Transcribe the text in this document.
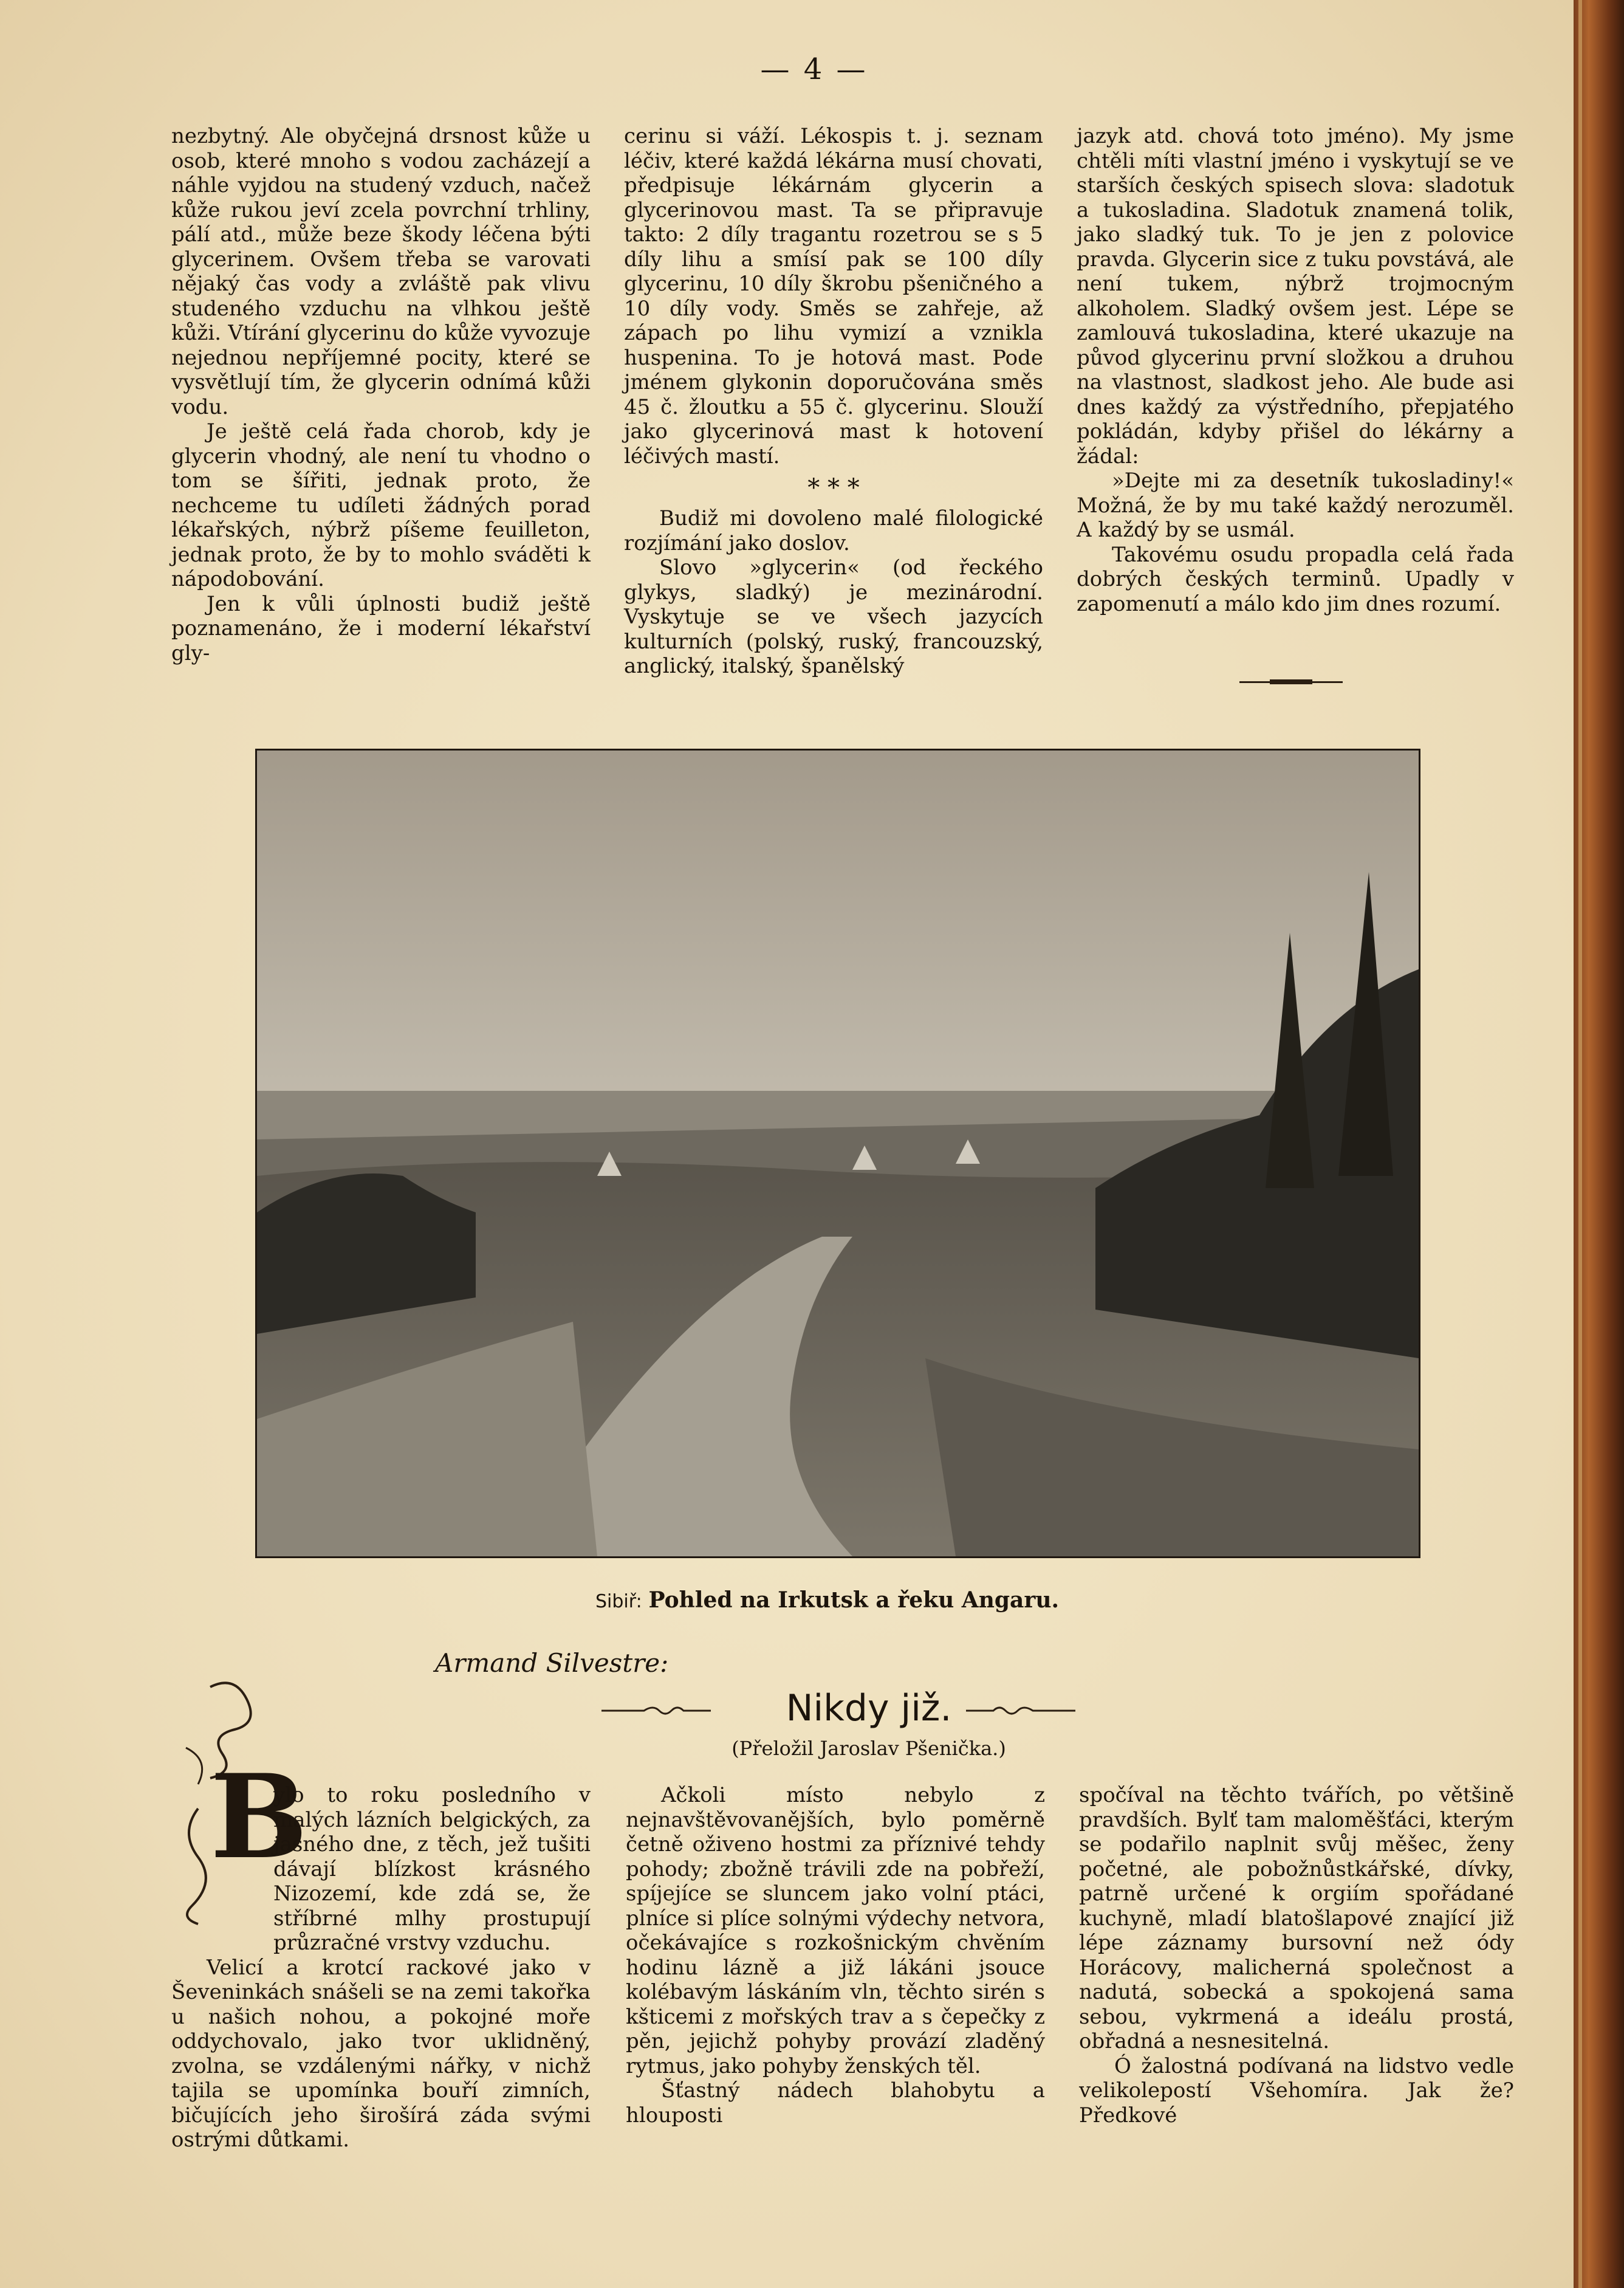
— 4 —

nezbytný. Ale obyčejná drsnost kůže u osob, které mnoho s vodou zacházejí a náhle vyjdou na studený vzduch, načež kůže rukou jeví zcela povrchní trhliny, pálí atd., může beze škody léčena býti glycerinem. Ovšem třeba se varovati nějaký čas vody a zvláště pak vlivu studeného vzduchu na vlhkou ještě kůži. Vtírání glycerinu do kůže vyvozuje nejednou nepříjemné pocity, které se vysvětlují tím, že glycerin odnímá kůži vodu.

Je ještě celá řada chorob, kdy je glycerin vhodný, ale není tu vhodno o tom se šířiti, jednak proto, že nechceme tu udíleti žádných porad lékařských, nýbrž píšeme feuilleton, jednak proto, že by to mohlo sváděti k nápodobování.

Jen k vůli úplnosti budiž ještě poznamenáno, že i moderní lékařství gly-

cerinu si váží. Lékospis t. j. seznam léčiv, které každá lékárna musí chovati, předpisuje lékárnám glycerin a glycerinovou mast. Ta se připravuje takto: 2 díly tragantu rozetrou se s 5 díly lihu a smísí pak se 100 díly glycerinu, 10 díly škrobu pšeničného a 10 díly vody. Směs se zahřeje, až zápach po lihu vymizí a vznikla huspenina. To je hotová mast. Pode jménem glykonin doporučována směs 45 č. žloutku a 55 č. glycerinu. Slouží jako glycerinová mast k hotovení léčivých mastí.

* * *

Budiž mi dovoleno malé filologické rozjímání jako doslov.

Slovo »glycerin« (od řeckého glykys, sladký) je mezinárodní. Vyskytuje se ve všech jazycích kulturních (polský, ruský, francouzský, anglický, italský, španělský

jazyk atd. chová toto jméno). My jsme chtěli míti vlastní jméno i vyskytují se ve starších českých spisech slova: sladotuk a tukosladina. Sladotuk znamená tolik, jako sladký tuk. To je jen z polovice pravda. Glycerin sice z tuku povstává, ale není tukem, nýbrž trojmocným alkoholem. Sladký ovšem jest. Lépe se zamlouvá tukosladina, které ukazuje na původ glycerinu první složkou a druhou na vlastnost, sladkost jeho. Ale bude asi dnes každý za výstředního, přepjatého pokládán, kdyby přišel do lékárny a žádal:

»Dejte mi za desetník tukosladiny!« Možná, že by mu také každý nerozuměl. A každý by se usmál.

Takovému osudu propadla celá řada dobrých českých terminů. Upadly v zapomenutí a málo kdo jim dnes rozumí.

Sibiř: Pohled na Irkutsk a řeku Angaru.
Armand Silvestre:
Nikdy již.
(Přeložil Jaroslav Pšenička.)
B

ylo to roku posledního v malých lázních belgických, za jasného dne, z těch, jež tušiti dávají blízkost krásného Nizozemí, kde zdá se, že stříbrné mlhy prostupují průzračné vrstvy vzduchu.

Velicí a krotcí rackové jako v Ševeninkách snášeli se na zemi takořka u našich nohou, a pokojné moře oddychovalo, jako tvor uklidněný, zvolna, se vzdálenými nářky, v nichž tajila se upomínka bouří zimních, bičujících jeho širošírá záda svými ostrými důtkami.

Ačkoli místo nebylo z nejnavštěvovanějších, bylo poměrně četně oživeno hostmi za příznivé tehdy pohody; zbožně trávili zde na pobřeží, spíjejíce se sluncem jako volní ptáci, plníce si plíce solnými výdechy netvora, očekávajíce s rozkošnickým chvěním hodinu lázně a již lákáni jsouce kolébavým láskáním vln, těchto sirén s kšticemi z mořských trav a s čepečky z pěn, jejichž pohyby provází zladěný rytmus, jako pohyby ženských těl.

Šťastný nádech blahobytu a hlouposti

spočíval na těchto tvářích, po většině pravdších. Bylť tam maloměšťáci, kterým se podařilo naplnit svůj měšec, ženy početné, ale pobožnůstkářské, dívky, patrně určené k orgiím spořádané kuchyně, mladí blatošlapové znající již lépe záznamy bursovní než ódy Horácovy, malicherná společnost a nadutá, sobecká a spokojená sama sebou, vykrmená a ideálu prostá, obřadná a nesnesitelná.

Ó žalostná podívaná na lidstvo vedle velikolepostí Všehomíra. Jak že? Předkové
